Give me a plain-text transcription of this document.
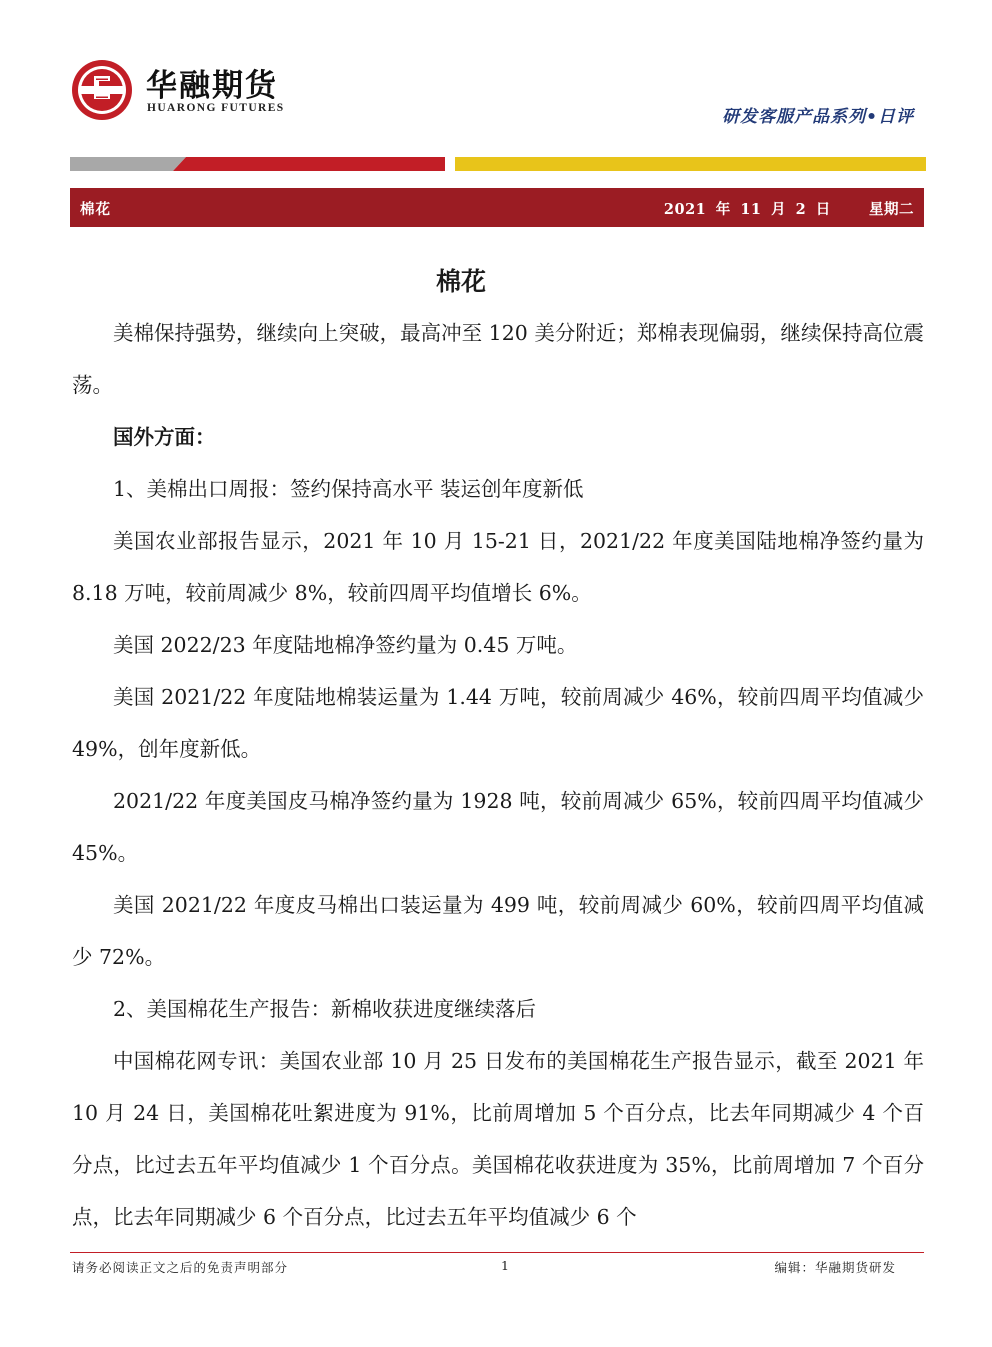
华融期货
HUARONG FUTURES	研发客服产品系列•日评
棉花	2021 年 11 月 2 日	星期二
棉花

美棉保持强势，继续向上突破，最高冲至 120 美分附近；郑棉表现偏弱，继续保持高位震荡。

国外方面：

1、美棉出口周报：签约保持高水平 装运创年度新低

美国农业部报告显示，2021 年 10 月 15-21 日，2021/22 年度美国陆地棉净签约量为 8.18 万吨，较前周减少 8%，较前四周平均值增长 6%。

美国 2022/23 年度陆地棉净签约量为 0.45 万吨。

美国 2021/22 年度陆地棉装运量为 1.44 万吨，较前周减少 46%，较前四周平均值减少 49%，创年度新低。

2021/22 年度美国皮马棉净签约量为 1928 吨，较前周减少 65%，较前四周平均值减少 45%。

美国 2021/22 年度皮马棉出口装运量为 499 吨，较前周减少 60%，较前四周平均值减少 72%。

2、美国棉花生产报告：新棉收获进度继续落后

中国棉花网专讯：美国农业部 10 月 25 日发布的美国棉花生产报告显示，截至 2021 年 10 月 24 日，美国棉花吐絮进度为 91%，比前周增加 5 个百分点，比去年同期减少 4 个百分点，比过去五年平均值减少 1 个百分点。美国棉花收获进度为 35%，比前周增加 7 个百分点，比去年同期减少 6 个百分点，比过去五年平均值减少 6 个

请务必阅读正文之后的免责声明部分	1	编辑：华融期货研发
